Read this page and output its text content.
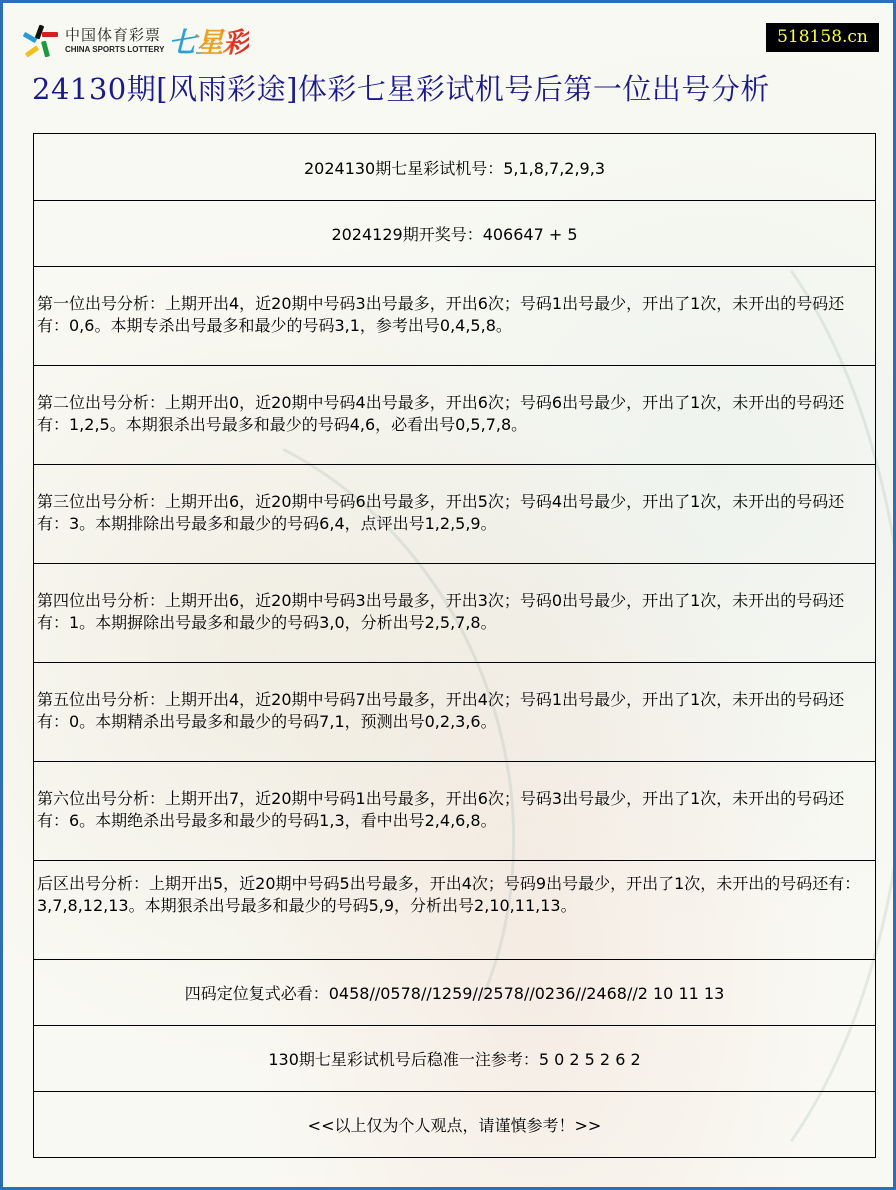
中国体育彩票
CHINA SPORTS LOTTERY 七星彩	518158.cn
24130期[风雨彩途]体彩七星彩试机号后第一位出号分析
2024130期七星彩试机号：5,1,8,7,2,9,3
2024129期开奖号：406647 + 5
第一位出号分析：上期开出4，近20期中号码3出号最多，开出6次；号码1出号最少，开出了1次，未开出的号码还有：0,6。本期专杀出号最多和最少的号码3,1，参考出号0,4,5,8。
第二位出号分析：上期开出0，近20期中号码4出号最多，开出6次；号码6出号最少，开出了1次，未开出的号码还有：1,2,5。本期狠杀出号最多和最少的号码4,6，必看出号0,5,7,8。
第三位出号分析：上期开出6，近20期中号码6出号最多，开出5次；号码4出号最少，开出了1次，未开出的号码还有：3。本期排除出号最多和最少的号码6,4，点评出号1,2,5,9。
第四位出号分析：上期开出6，近20期中号码3出号最多，开出3次；号码0出号最少，开出了1次，未开出的号码还有：1。本期摒除出号最多和最少的号码3,0，分析出号2,5,7,8。
第五位出号分析：上期开出4，近20期中号码7出号最多，开出4次；号码1出号最少，开出了1次，未开出的号码还有：0。本期精杀出号最多和最少的号码7,1，预测出号0,2,3,6。
第六位出号分析：上期开出7，近20期中号码1出号最多，开出6次；号码3出号最少，开出了1次，未开出的号码还有：6。本期绝杀出号最多和最少的号码1,3，看中出号2,4,6,8。
后区出号分析：上期开出5，近20期中号码5出号最多，开出4次；号码9出号最少，开出了1次，未开出的号码还有：3,7,8,12,13。本期狠杀出号最多和最少的号码5,9，分析出号2,10,11,13。
四码定位复式必看：0458//0578//1259//2578//0236//2468//2 10 11 13
130期七星彩试机号后稳准一注参考：5 0 2 5 2 6 2
<<以上仅为个人观点，请谨慎参考！>>
